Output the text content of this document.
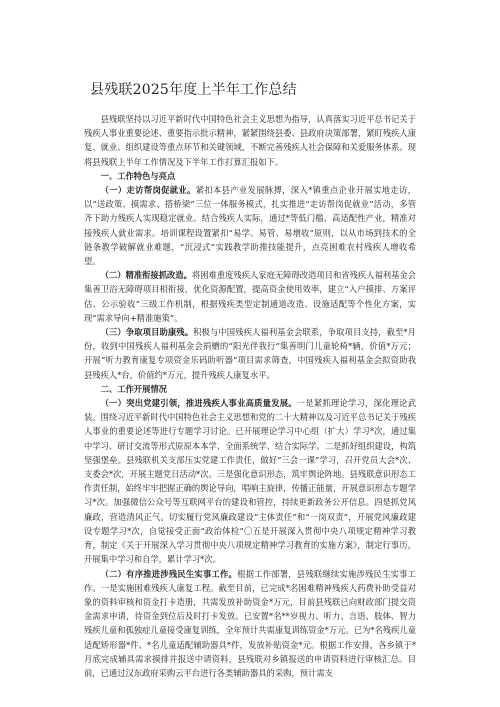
县残联2025年度上半年工作总结

县残联坚持以习近平新时代中国特色社会主义思想为指导，认真落实习近平总书记关于残疾人事业重要论述、重要指示批示精神，紧紧围绕县委、县政府决策部署，紧盯残疾人康复、就业、组织建设等重点环节和关键领域，不断完善残疾人社会保障和关爱服务体系。现将县残联上半年工作情况及下半年工作打算汇报如下。

一、工作特色与亮点

（一）走访帮岗促就业。紧扣本县产业发展脉搏，深入*镇重点企业开展实地走访，以“送政策、摸需求、搭桥梁”三位一体服务模式，扎实推进“走访帮岗促就业”活动，多管齐下助力残疾人实现稳定就业。结合残疾人实际，通过*等低门槛、高适配性产业，精准对接残疾人就业需求。培训课程设置紧扣“易学、易管、易增收”原则，以从市场到技术的全链条教学破解就业难题，“沉浸式”实践教学助推技能提升，点亮困难农村残疾人增收希望。

（二）精准衔接抓改造。将困难重度残疾人家庭无障碍改造项目和省残疾人福利基金会集善卫浴无障碍项目相衔接，优化资源配置，提高资金使用效率，建立“入户摸排、方案评估、公示验收”三级工作机制，根据残疾类型定制通道改造、设施适配等个性化方案，实现“需求导向+精准施策”。

（三）争取项目助康残。积极与中国残疾人福利基金会联系，争取项目支持，截至*月份，收到中国残疾人福利基金会捐赠的“阳光伴我行”集善明门儿童轮椅*辆，价值*万元；开展“听力教育康复专项资金乐码助听器”项目需求筛查，中国残疾人福利基金会拟资助我县残疾人*台，价值约*万元，提升残疾人康复水平。

二、工作开展情况

（一）突出党建引领，推进残疾人事业高质量发展。一是紧抓理论学习，深化理论武装。围绕习近平新时代中国特色社会主义思想和党的二十大精神以及习近平总书记关于残疾人事业的重要论述等进行专题学习讨论。已开展理论学习中心组（扩大）学习*次，通过集中学习、研讨交流等形式原原本本学、全面系统学、结合实际学。二是抓好组织建设，构筑坚强堡垒。县残联机关支部压实党建工作责任，做好“三会一课”学习，召开党员大会*次、支委会*次，开展主题党日活动*次。三是强化意识形态，筑牢舆论阵地。县残联意识形态工作责任制，始终牢牢把握正确的舆论导向，唱响主旋律，传播正能量，开展意识形态专题学习*次。加强微信公众号等互联网平台的建设和管控，持续更新政务公开信息。四是抓党风廉政，营造清风正气。切实履行党风廉政建设“主体责任”和“一岗双责”，开展党风廉政建设专题学习*次，自觉接受正面“政治体检”〇五是开展深入贯彻中央八项规定精神学习教育，制定《关于开展深入学习贯彻中央八项规定精神学习教育的实施方案》，制定行事历，开展集中学习和自学，累计学习*次。

（二）有序推进涉残民生实事工作。根据工作部署，县残联继续实施涉残民生实事工作。一是实施困难残疾人康复工程。截至目前，已完成*名困难精神残疾人药费补助受益对象的资料审核和资金打卡造册，共需发放补助资金*万元，目前县残联已向财政部门提交资金需求申请，待资金到位后及时打卡发放。已安置*名**岁视力、听力、言语、肢体、智力残疾儿童和孤独症儿童接受康复训练，全年预计共需康复训练资金*万元。已为*名残疾儿童适配矫形器*件、*名儿童适配辅助器具*件，发放补贴资金*元。根据工作安排，各乡镇于*月底完成辅具需求摸排并报送中请资料，县残联对乡镇报送的申请资料进行审核汇总。目前，已通过汉东政府采购云平台进行各类辅助器具的采购，预计需支
